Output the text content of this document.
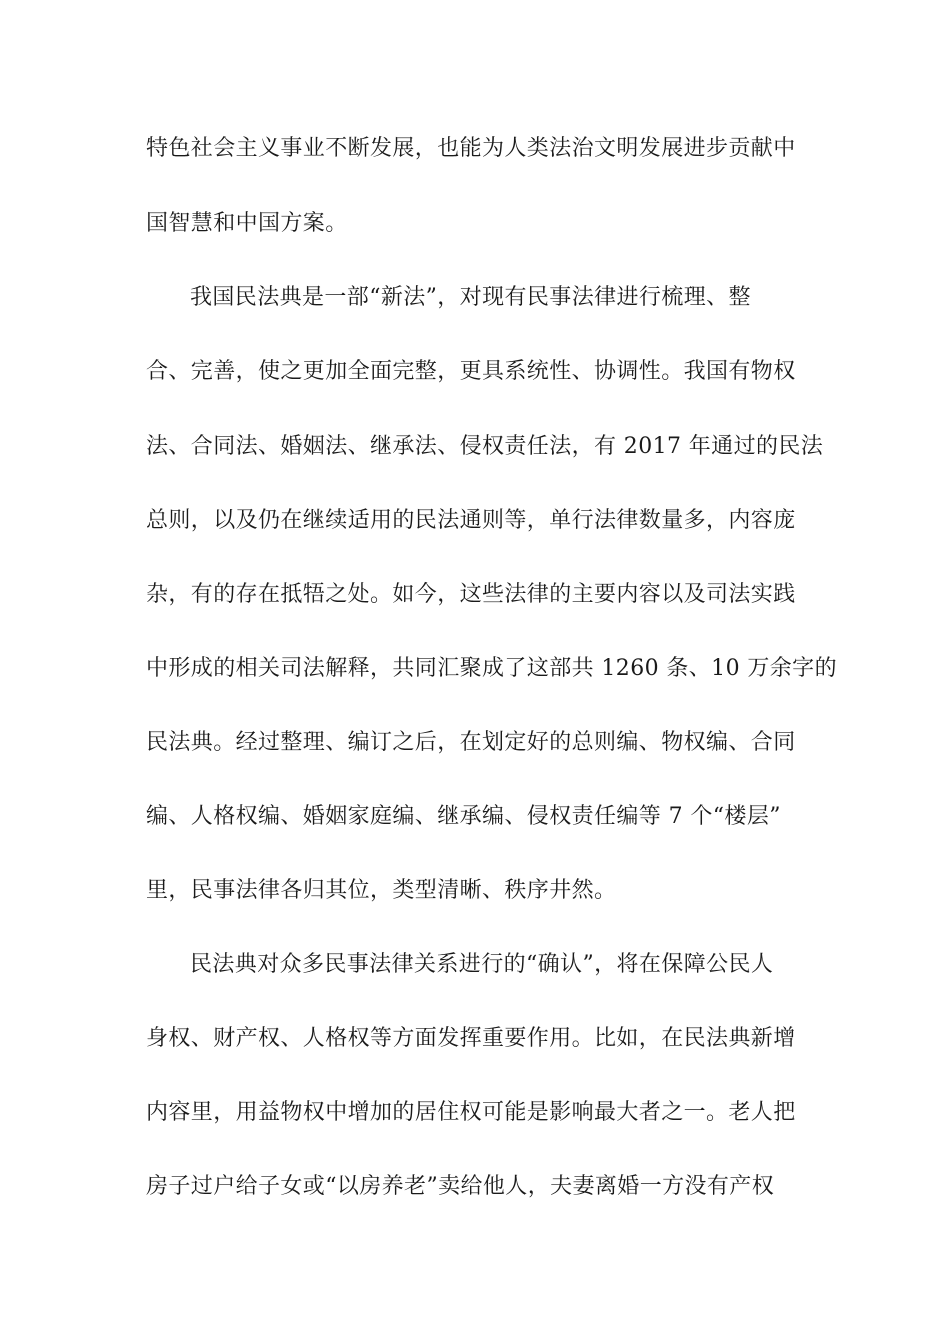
特色社会主义事业不断发展，也能为人类法治文明发展进步贡献中
国智慧和中国方案。
我国民法典是一部“新法”，对现有民事法律进行梳理、整
合、完善，使之更加全面完整，更具系统性、协调性。我国有物权
法、合同法、婚姻法、继承法、侵权责任法，有 2017 年通过的民法
总则，以及仍在继续适用的民法通则等，单行法律数量多，内容庞
杂，有的存在抵牾之处。如今，这些法律的主要内容以及司法实践
中形成的相关司法解释，共同汇聚成了这部共 1260 条、10 万余字的
民法典。经过整理、编订之后，在划定好的总则编、物权编、合同
编、人格权编、婚姻家庭编、继承编、侵权责任编等 7 个“楼层”
里，民事法律各归其位，类型清晰、秩序井然。
民法典对众多民事法律关系进行的“确认”，将在保障公民人
身权、财产权、人格权等方面发挥重要作用。比如，在民法典新增
内容里，用益物权中增加的居住权可能是影响最大者之一。老人把
房子过户给子女或“以房养老”卖给他人，夫妻离婚一方没有产权
